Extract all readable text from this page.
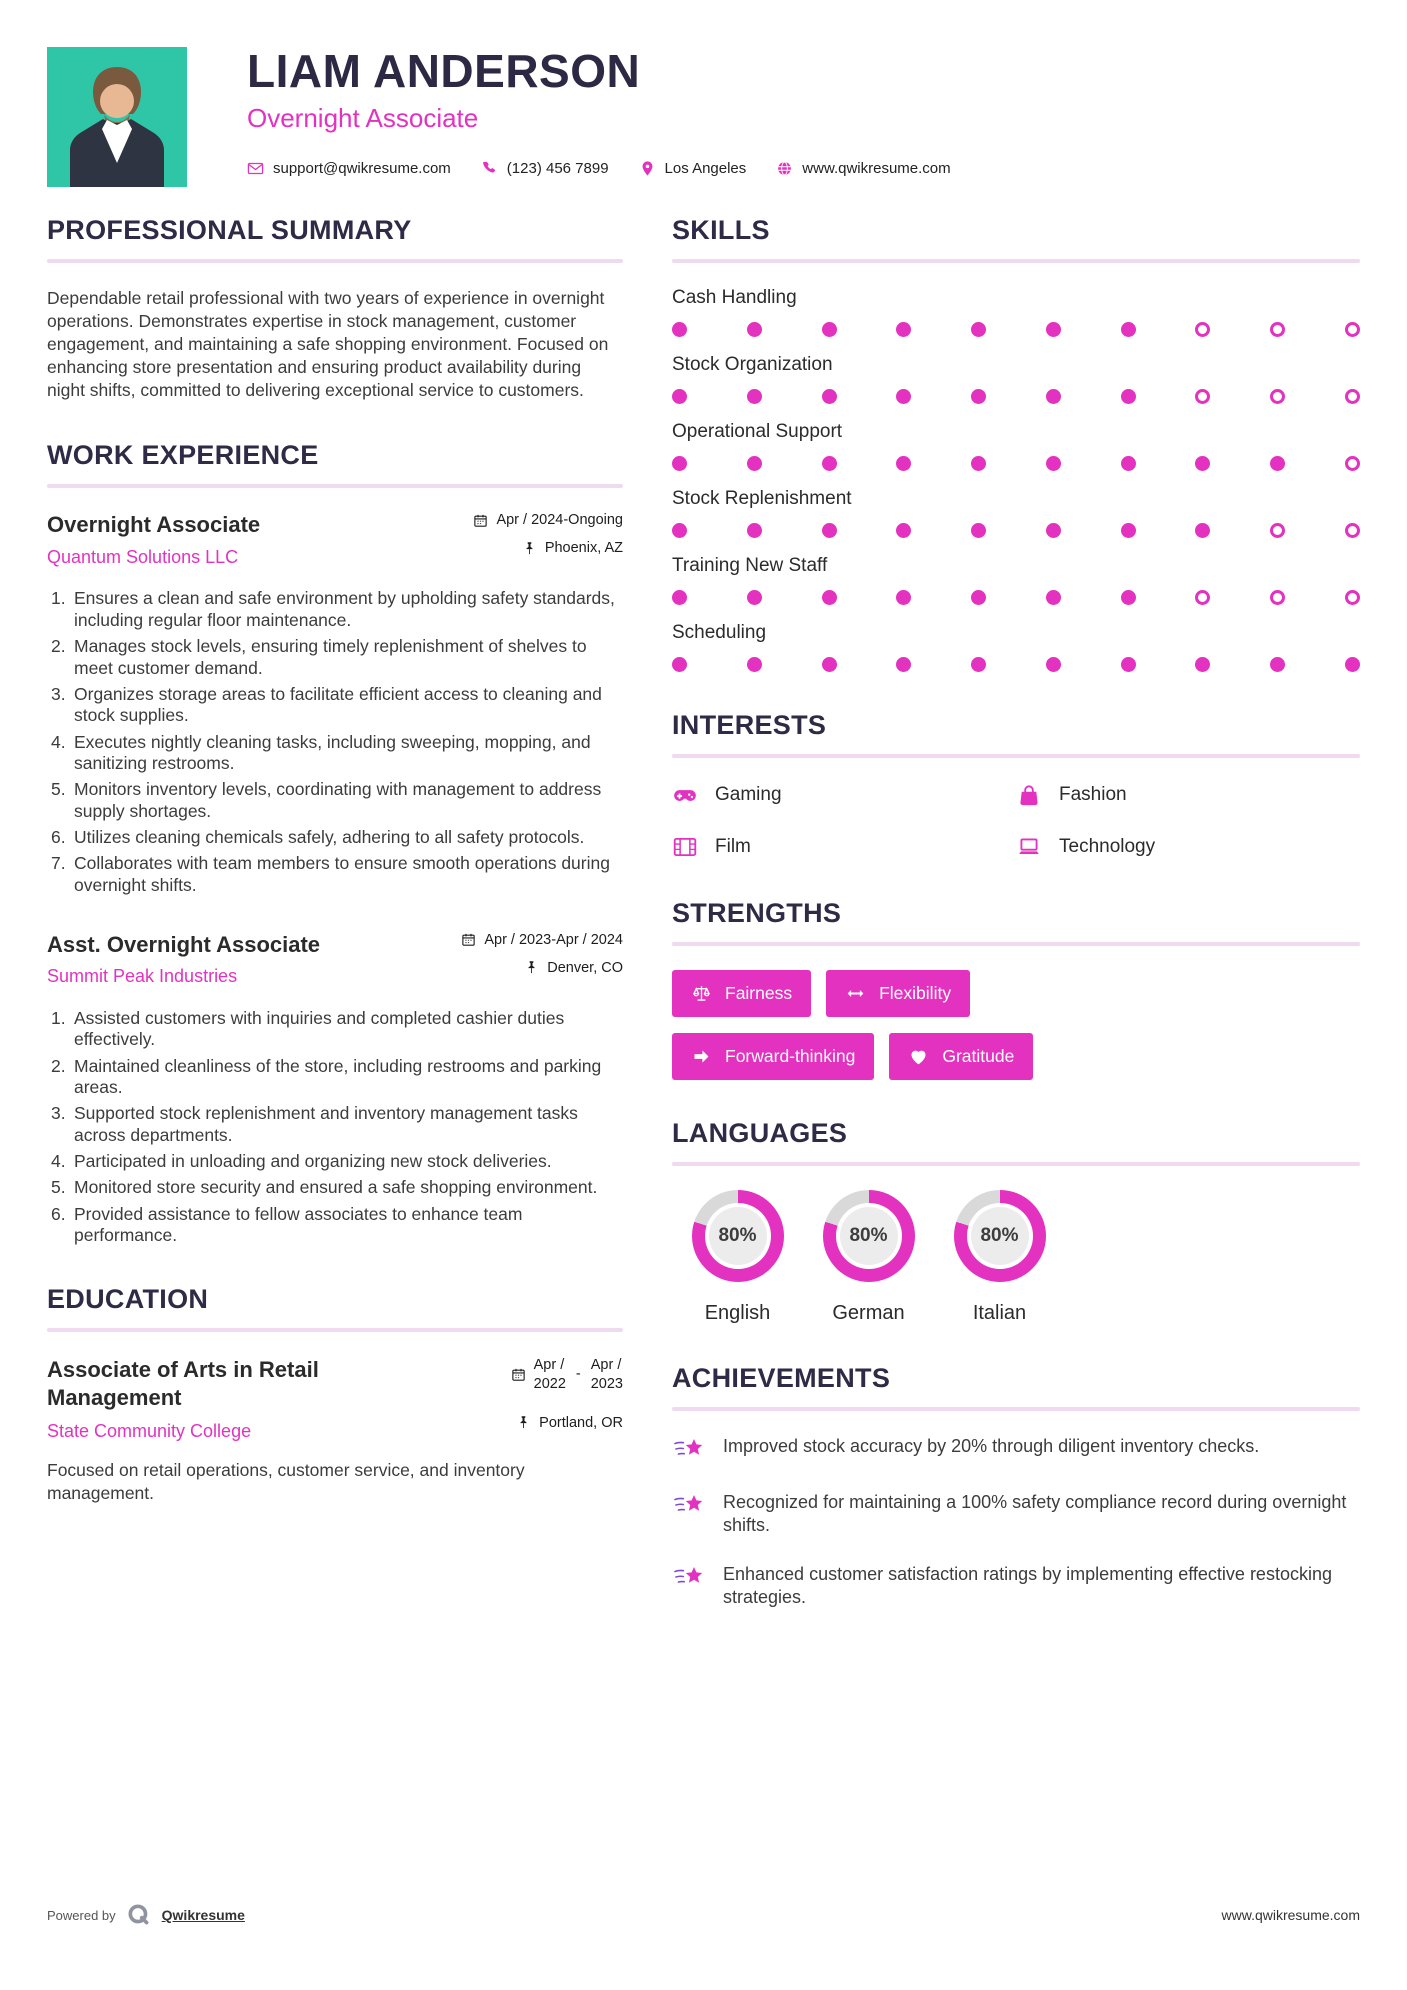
LIAM ANDERSON
Overnight Associate
support@qwikresume.com	(123) 456 7899	Los Angeles	www.qwikresume.com
PROFESSIONAL SUMMARY

Dependable retail professional with two years of experience in overnight operations. Demonstrates expertise in stock management, customer engagement, and maintaining a safe shopping environment. Focused on enhancing store presentation and ensuring product availability during night shifts, committed to delivering exceptional service to customers.

WORK EXPERIENCE
Overnight Associate
Quantum Solutions LLC
Apr / 2024-Ongoing
Phoenix, AZ
Ensures a clean and safe environment by upholding safety standards, including regular floor maintenance.
Manages stock levels, ensuring timely replenishment of shelves to meet customer demand.
Organizes storage areas to facilitate efficient access to cleaning and stock supplies.
Executes nightly cleaning tasks, including sweeping, mopping, and sanitizing restrooms.
Monitors inventory levels, coordinating with management to address supply shortages.
Utilizes cleaning chemicals safely, adhering to all safety protocols.
Collaborates with team members to ensure smooth operations during overnight shifts.
Asst. Overnight Associate
Summit Peak Industries
Apr / 2023-Apr / 2024
Denver, CO
Assisted customers with inquiries and completed cashier duties effectively.
Maintained cleanliness of the store, including restrooms and parking areas.
Supported stock replenishment and inventory management tasks across departments.
Participated in unloading and organizing new stock deliveries.
Monitored store security and ensured a safe shopping environment.
Provided assistance to fellow associates to enhance team performance.
EDUCATION
Associate of Arts in Retail Management
State Community College
Apr /
2022
-
Apr /
2023
Portland, OR

Focused on retail operations, customer service, and inventory management.

SKILLS
Cash Handling
Stock Organization
Operational Support
Stock Replenishment
Training New Staff
Scheduling
INTERESTS
Gaming	Fashion
Film	Technology
STRENGTHS
Fairness	Flexibility
Forward-thinking	Gratitude
LANGUAGES
80%
English
80%
German
80%
Italian
ACHIEVEMENTS
Improved stock accuracy by 20% through diligent inventory checks.
Recognized for maintaining a 100% safety compliance record during overnight shifts.
Enhanced customer satisfaction ratings by implementing effective restocking strategies.
Powered by	Qwikresume	www.qwikresume.com
